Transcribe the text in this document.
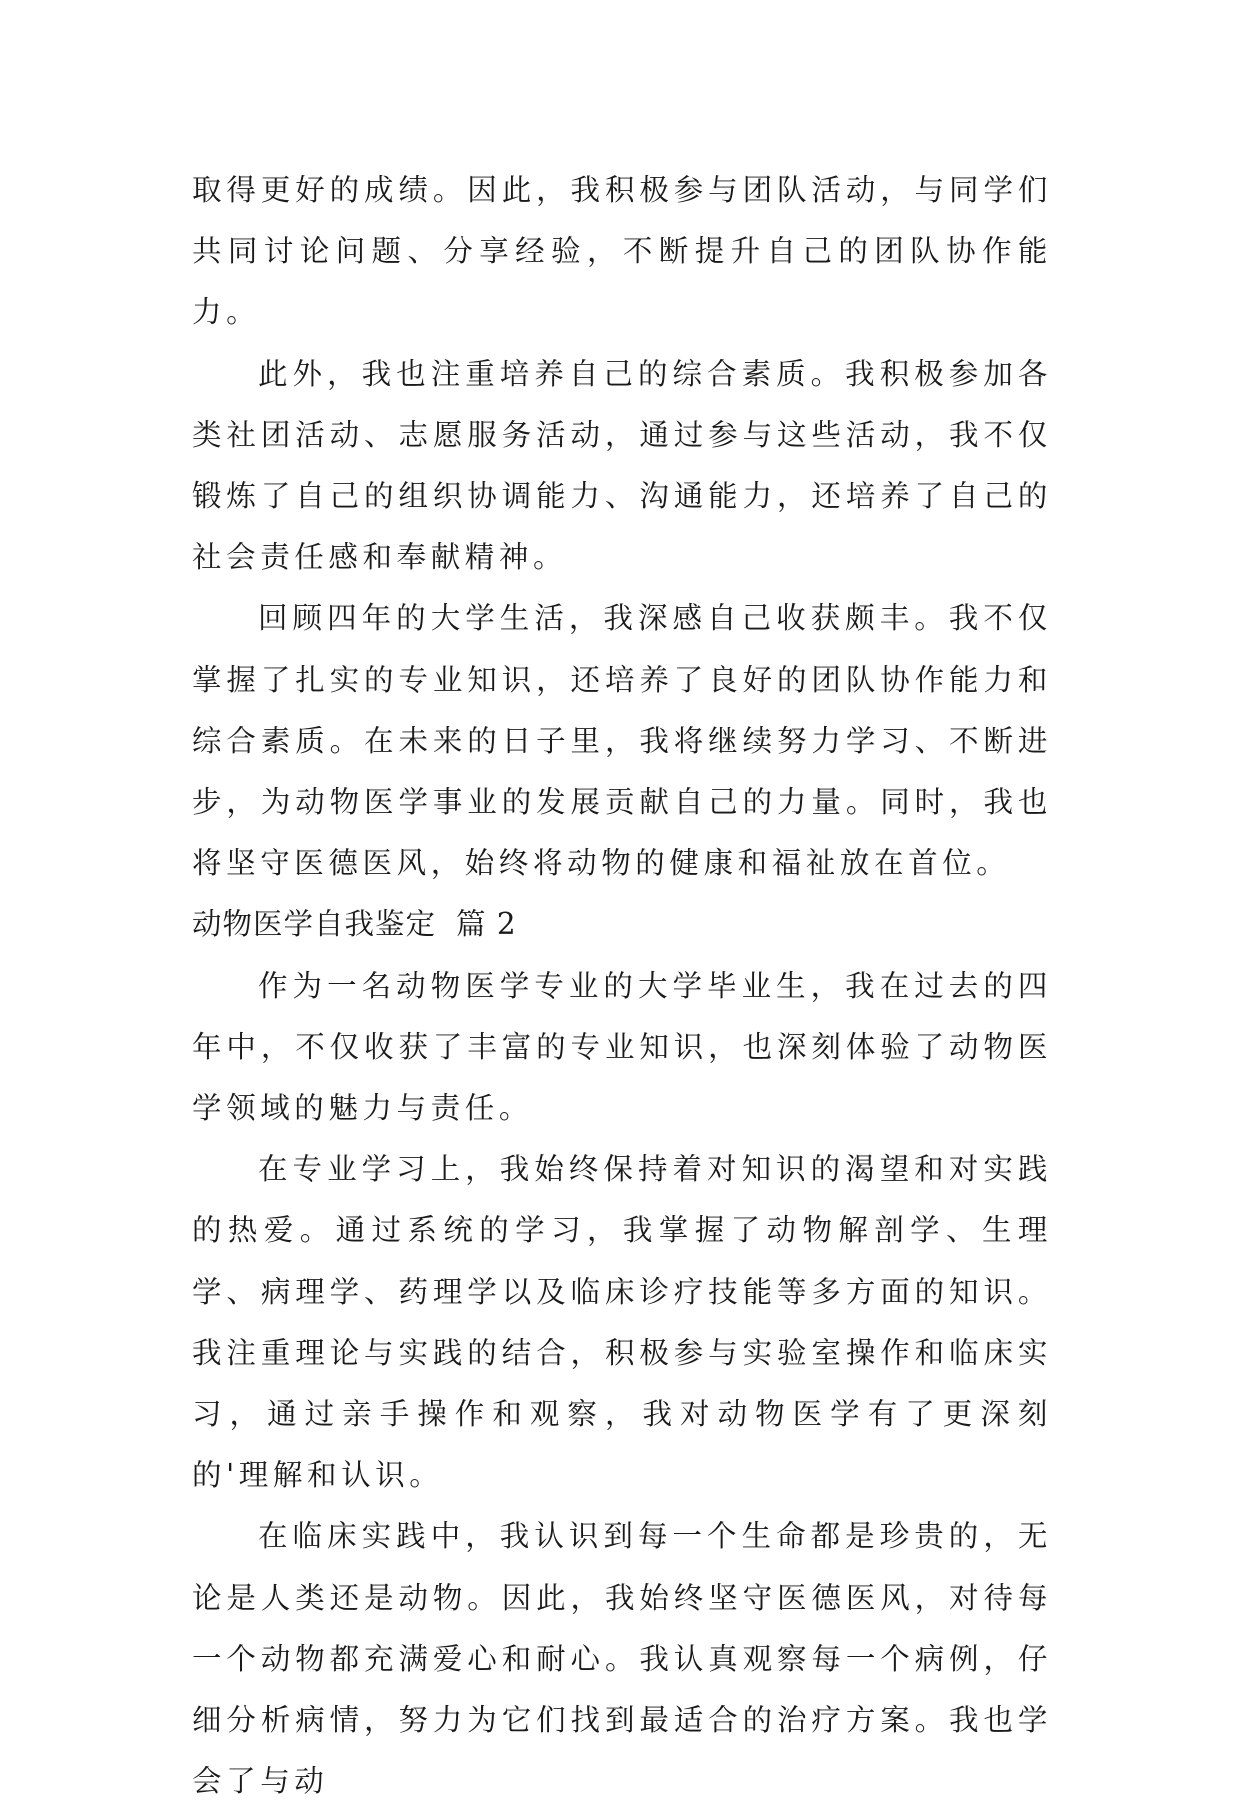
取得更好的成绩。因此，我积极参与团队活动，与同学们共同讨论问题、分享经验，不断提升自己的团队协作能力。

此外，我也注重培养自己的综合素质。我积极参加各类社团活动、志愿服务活动，通过参与这些活动，我不仅锻炼了自己的组织协调能力、沟通能力，还培养了自己的社会责任感和奉献精神。

回顾四年的大学生活，我深感自己收获颇丰。我不仅掌握了扎实的专业知识，还培养了良好的团队协作能力和综合素质。在未来的日子里，我将继续努力学习、不断进步，为动物医学事业的发展贡献自己的力量。同时，我也将坚守医德医风，始终将动物的健康和福祉放在首位。

动物医学自我鉴定 篇 2

作为一名动物医学专业的大学毕业生，我在过去的四年中，不仅收获了丰富的专业知识，也深刻体验了动物医学领域的魅力与责任。

在专业学习上，我始终保持着对知识的渴望和对实践的热爱。通过系统的学习，我掌握了动物解剖学、生理学、病理学、药理学以及临床诊疗技能等多方面的知识。我注重理论与实践的结合，积极参与实验室操作和临床实习，通过亲手操作和观察，我对动物医学有了更深刻的'理解和认识。

在临床实践中，我认识到每一个生命都是珍贵的，无论是人类还是动物。因此，我始终坚守医德医风，对待每一个动物都充满爱心和耐心。我认真观察每一个病例，仔细分析病情，努力为它们找到最适合的治疗方案。我也学会了与动
